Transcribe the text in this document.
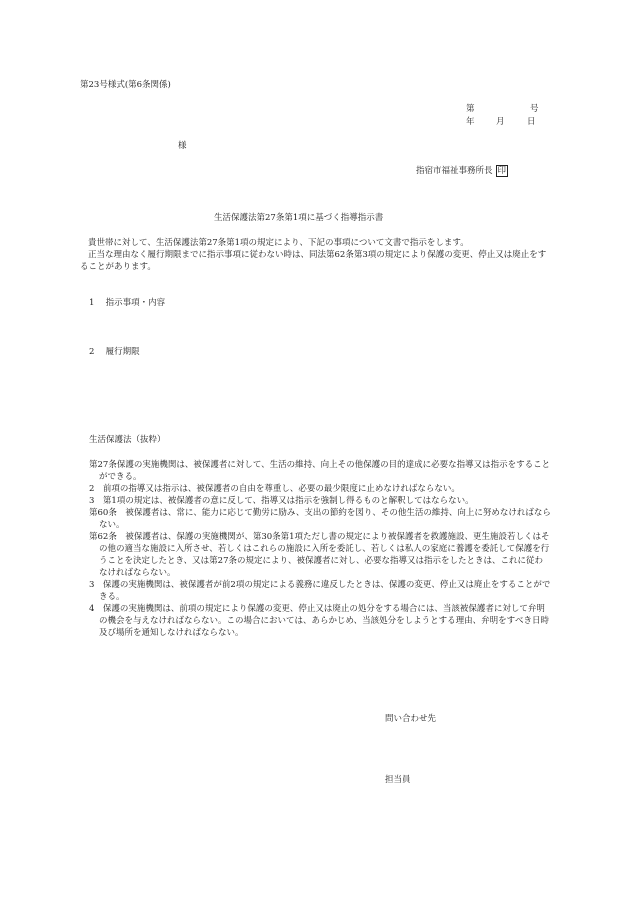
第23号様式(第6条関係)
第	号
年	月	日
様
指宿市福祉事務所長 印
生活保護法第27条第1項に基づく指導指示書
貴世帯に対して、生活保護法第27条第1項の規定により、下記の事項について文書で指示をします。
正当な理由なく履行期限までに指示事項に従わない時は、同法第62条第3項の規定により保護の変更、停止又は廃止をすることがあります。
1　 指示事項・内容
2　 履行期限
生活保護法（抜粋）
第27条保護の実施機関は、被保護者に対して、生活の維持、向上その他保護の目的達成に必要な指導又は指示をすることができる。
2　前項の指導又は指示は、被保護者の自由を尊重し、必要の最少限度に止めなければならない。
3　第1項の規定は、被保護者の意に反して、指導又は指示を強制し得るものと解釈してはならない。
第60条　被保護者は、常に、能力に応じて勤労に励み、支出の節約を図り、その他生活の維持、向上に努めなければならない。
第62条　被保護者は、保護の実施機関が、第30条第1項ただし書の規定により被保護者を救護施設、更生施設若しくはその他の適当な施設に入所させ、若しくはこれらの施設に入所を委託し、若しくは私人の家庭に養護を委託して保護を行うことを決定したとき、又は第27条の規定により、被保護者に対し、必要な指導又は指示をしたときは、これに従わなければならない。
3　保護の実施機関は、被保護者が前2項の規定による義務に違反したときは、保護の変更、停止又は廃止をすることができる。
4　保護の実施機関は、前項の規定により保護の変更、停止又は廃止の処分をする場合には、当該被保護者に対して弁明の機会を与えなければならない。この場合においては、あらかじめ、当該処分をしようとする理由、弁明をすべき日時及び場所を通知しなければならない。
問い合わせ先
担当員
